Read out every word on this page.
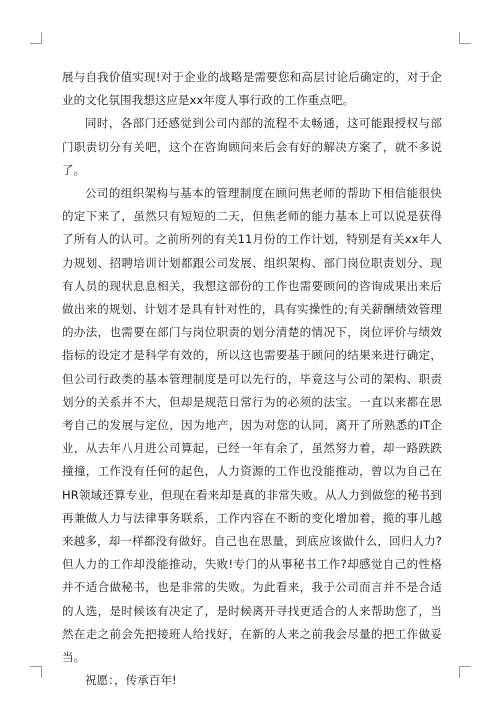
展与自我价值实现!对于企业的战略是需要您和高层讨论后确定的，对于企业的文化氛围我想这应是xx年度人事行政的工作重点吧。

同时，各部门还感觉到公司内部的流程不太畅通，这可能跟授权与部门职责切分有关吧，这个在咨询顾问来后会有好的解决方案了，就不多说了。

公司的组织架构与基本的管理制度在顾问焦老师的帮助下相信能很快的定下来了，虽然只有短短的二天，但焦老师的能力基本上可以说是获得了所有人的认可。之前所列的有关11月份的工作计划，特别是有关xx年人力规划、招聘培训计划都跟公司发展、组织架构、部门岗位职责划分、现有人员的现状息息相关，我想这部份的工作也需要顾问的咨询成果出来后做出来的规划、计划才是具有针对性的，具有实操性的;有关薪酬绩效管理的办法，也需要在部门与岗位职责的划分清楚的情况下，岗位评价与绩效指标的设定才是科学有效的，所以这也需要基于顾问的结果来进行确定，但公司行政类的基本管理制度是可以先行的，毕竟这与公司的架构、职责划分的关系并不大，但却是规范日常行为的必须的法宝。一直以来都在思考自己的发展与定位，因为地产，因为对您的认同，离开了所熟悉的IT企业，从去年八月进公司算起，已经一年有余了，虽然努力着，却一路跌跌撞撞，工作没有任何的起色，人力资源的工作也没能推动，曾以为自己在HR领域还算专业，但现在看来却是真的非常失败。从人力到做您的秘书到再兼做人力与法律事务联系，工作内容在不断的变化增加着，揽的事儿越来越多，却一样都没有做好。自己也在思量，到底应该做什么，回归人力?但人力的工作却没能推动，失败!专门的从事秘书工作?却感觉自己的性格并不适合做秘书，也是非常的失败。为此看来，我于公司而言并不是合适的人选，是时候该有决定了，是时候离开寻找更适合的人来帮助您了，当然在走之前会先把接班人给找好，在新的人来之前我会尽量的把工作做妥当。

祝愿：，传承百年!
